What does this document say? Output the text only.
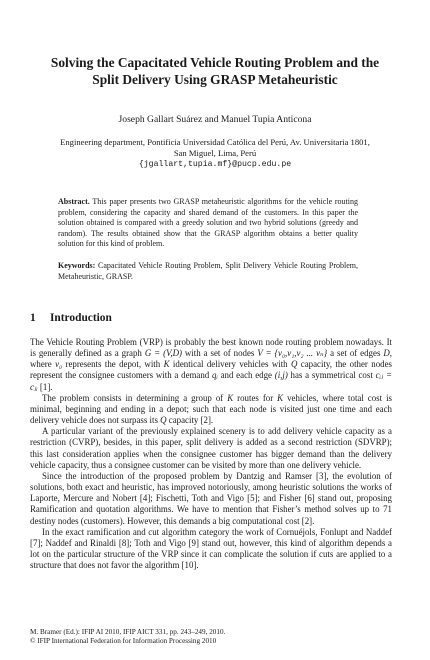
Solving the Capacitated Vehicle Routing Problem and the
Split Delivery Using GRASP Metaheuristic
Joseph Gallart Suárez and Manuel Tupia Anticona
Engineering department, Pontificia Universidad Católica del Perú, Av. Universitaria 1801,
San Miguel, Lima, Perú
{jgallart,tupia.mf}@pucp.edu.pe
Abstract. This paper presents two GRASP metaheuristic algorithms for the vehicle routing problem, considering the capacity and shared demand of the customers. In this paper the solution obtained is compared with a greedy solution and two hybrid solutions (greedy and random). The results obtained show that the GRASP algorithm obtains a better quality solution for this kind of problem.
Keywords: Capacitated Vehicle Routing Problem, Split Delivery Vehicle Routing Problem, Metaheuristic, GRASP.
1 Introduction

The Vehicle Routing Problem (VRP) is probably the best known node routing problem nowadays. It is generally defined as a graph G = (V,D) with a set of nodes V = {v₀,v₁,v₂ ... vₙ} a set of edges D, where v₀ represents the depot, with K identical delivery vehicles with Q capacity, the other nodes represent the consignee customers with a demand qᵢ and each edge (i,j) has a symmetrical cost cᵢⱼ = cⱼᵢ [1].

The problem consists in determining a group of K routes for K vehicles, where total cost is minimal, beginning and ending in a depot; such that each node is visited just one time and each delivery vehicle does not surpass its Q capacity [2].

A particular variant of the previously explained scenery is to add delivery vehicle capacity as a restriction (CVRP), besides, in this paper, split delivery is added as a second restriction (SDVRP); this last consideration applies when the consignee customer has bigger demand than the delivery vehicle capacity, thus a consignee customer can be visited by more than one delivery vehicle.

Since the introduction of the proposed problem by Dantzig and Ramser [3], the evolution of solutions, both exact and heuristic, has improved notoriously, among heuristic solutions the works of Laporte, Mercure and Nobert [4]; Fischetti, Toth and Vigo [5]; and Fisher [6] stand out, proposing Ramification and quotation algorithms. We have to mention that Fisher’s method solves up to 71 destiny nodes (customers). However, this demands a big computational cost [2].

In the exact ramification and cut algorithm category the work of Cornuéjols, Fonlupt and Naddef [7]; Naddef and Rinaldi [8]; Toth and Vigo [9] stand out, however, this kind of algorithm depends a lot on the particular structure of the VRP since it can complicate the solution if cuts are applied to a structure that does not favor the algorithm [10].

M. Bramer (Ed.): IFIP AI 2010, IFIP AICT 331, pp. 243–249, 2010.
© IFIP International Federation for Information Processing 2010
